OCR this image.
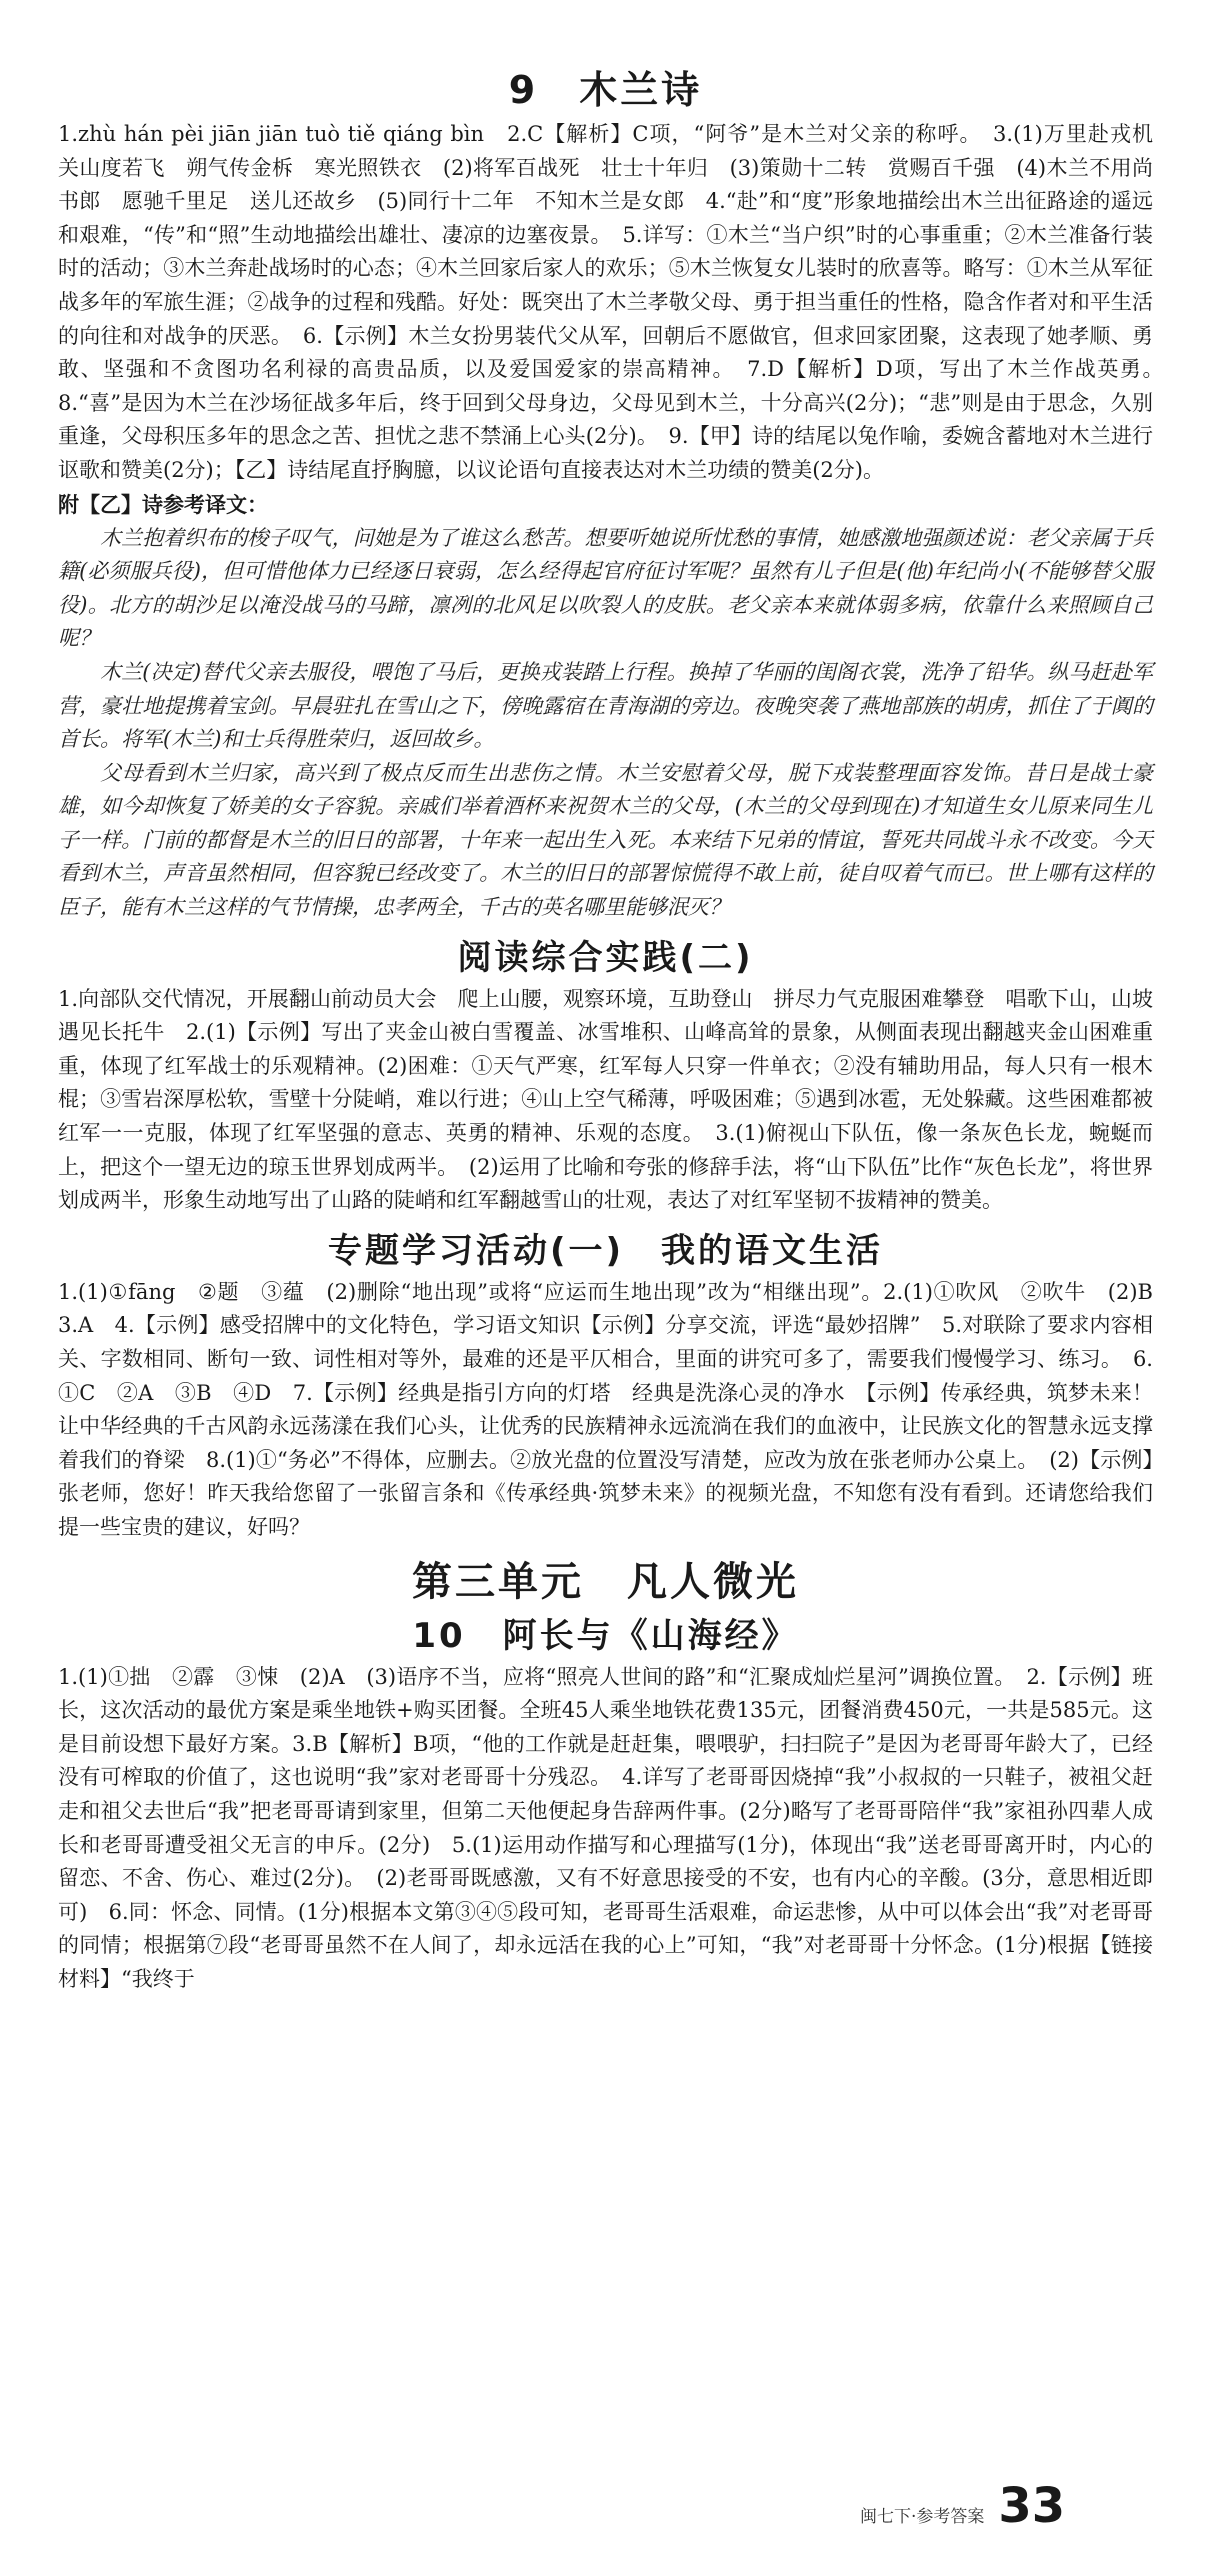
9　木兰诗

1.zhù hán pèi jiān jiān tuò tiě qiáng bìn　2.C【解析】C项，“阿爷”是木兰对父亲的称呼。　3.(1)万里赴戎机　关山度若飞　朔气传金柝　寒光照铁衣　(2)将军百战死　壮士十年归　(3)策勋十二转　赏赐百千强　(4)木兰不用尚书郎　愿驰千里足　送儿还故乡　(5)同行十二年　不知木兰是女郎　4.“赴”和“度”形象地描绘出木兰出征路途的遥远和艰难，“传”和“照”生动地描绘出雄壮、凄凉的边塞夜景。　5.详写：①木兰“当户织”时的心事重重；②木兰准备行装时的活动；③木兰奔赴战场时的心态；④木兰回家后家人的欢乐；⑤木兰恢复女儿装时的欣喜等。略写：①木兰从军征战多年的军旅生涯；②战争的过程和残酷。好处：既突出了木兰孝敬父母、勇于担当重任的性格，隐含作者对和平生活的向往和对战争的厌恶。　6.【示例】木兰女扮男装代父从军，回朝后不愿做官，但求回家团聚，这表现了她孝顺、勇敢、坚强和不贪图功名利禄的高贵品质，以及爱国爱家的崇高精神。　7.D【解析】D项，写出了木兰作战英勇。　8.“喜”是因为木兰在沙场征战多年后，终于回到父母身边，父母见到木兰，十分高兴(2分)；“悲”则是由于思念，久别重逢，父母积压多年的思念之苦、担忧之悲不禁涌上心头(2分)。　9.【甲】诗的结尾以兔作喻，委婉含蓄地对木兰进行讴歌和赞美(2分)；【乙】诗结尾直抒胸臆，以议论语句直接表达对木兰功绩的赞美(2分)。

附【乙】诗参考译文：

木兰抱着织布的梭子叹气，问她是为了谁这么愁苦。想要听她说所忧愁的事情，她感激地强颜述说：老父亲属于兵籍(必须服兵役)，但可惜他体力已经逐日衰弱，怎么经得起官府征讨军呢？虽然有儿子但是(他)年纪尚小(不能够替父服役)。北方的胡沙足以淹没战马的马蹄，凛冽的北风足以吹裂人的皮肤。老父亲本来就体弱多病，依靠什么来照顾自己呢？

木兰(决定)替代父亲去服役，喂饱了马后，更换戎装踏上行程。换掉了华丽的闺阁衣裳，洗净了铅华。纵马赶赴军营，豪壮地提携着宝剑。早晨驻扎在雪山之下，傍晚露宿在青海湖的旁边。夜晚突袭了燕地部族的胡虏，抓住了于阗的首长。将军(木兰)和士兵得胜荣归，返回故乡。

父母看到木兰归家，高兴到了极点反而生出悲伤之情。木兰安慰着父母，脱下戎装整理面容发饰。昔日是战士豪雄，如今却恢复了娇美的女子容貌。亲戚们举着酒杯来祝贺木兰的父母，(木兰的父母到现在)才知道生女儿原来同生儿子一样。门前的都督是木兰的旧日的部署，十年来一起出生入死。本来结下兄弟的情谊，誓死共同战斗永不改变。今天看到木兰，声音虽然相同，但容貌已经改变了。木兰的旧日的部署惊慌得不敢上前，徒自叹着气而已。世上哪有这样的臣子，能有木兰这样的气节情操，忠孝两全，千古的英名哪里能够泯灭？

阅读综合实践(二)

1.向部队交代情况，开展翻山前动员大会　爬上山腰，观察环境，互助登山　拼尽力气克服困难攀登　唱歌下山，山坡遇见长托牛　2.(1)【示例】写出了夹金山被白雪覆盖、冰雪堆积、山峰高耸的景象，从侧面表现出翻越夹金山困难重重，体现了红军战士的乐观精神。(2)困难：①天气严寒，红军每人只穿一件单衣；②没有辅助用品，每人只有一根木棍；③雪岩深厚松软，雪壁十分陡峭，难以行进；④山上空气稀薄，呼吸困难；⑤遇到冰雹，无处躲藏。这些困难都被红军一一克服，体现了红军坚强的意志、英勇的精神、乐观的态度。　3.(1)俯视山下队伍，像一条灰色长龙，蜿蜒而上，把这个一望无边的琼玉世界划成两半。　(2)运用了比喻和夸张的修辞手法，将“山下队伍”比作“灰色长龙”，将世界划成两半，形象生动地写出了山路的陡峭和红军翻越雪山的壮观，表达了对红军坚韧不拔精神的赞美。

专题学习活动(一)　我的语文生活

1.(1)①fāng　②题　③蕴　(2)删除“地出现”或将“应运而生地出现”改为“相继出现”。2.(1)①吹风　②吹牛　(2)B　3.A　4.【示例】感受招牌中的文化特色，学习语文知识【示例】分享交流，评选“最妙招牌”　5.对联除了要求内容相关、字数相同、断句一致、词性相对等外，最难的还是平仄相合，里面的讲究可多了，需要我们慢慢学习、练习。　6.①C　②A　③B　④D　7.【示例】经典是指引方向的灯塔　经典是洗涤心灵的净水　【示例】传承经典，筑梦未来！让中华经典的千古风韵永远荡漾在我们心头，让优秀的民族精神永远流淌在我们的血液中，让民族文化的智慧永远支撑着我们的脊梁　8.(1)①“务必”不得体，应删去。②放光盘的位置没写清楚，应改为放在张老师办公桌上。　(2)【示例】张老师，您好！昨天我给您留了一张留言条和《传承经典·筑梦未来》的视频光盘，不知您有没有看到。还请您给我们提一些宝贵的建议，好吗？

第三单元　凡人微光
10　阿长与《山海经》

1.(1)①拙　②霹　③悚　(2)A　(3)语序不当，应将“照亮人世间的路”和“汇聚成灿烂星河”调换位置。　2.【示例】班长，这次活动的最优方案是乘坐地铁+购买团餐。全班45人乘坐地铁花费135元，团餐消费450元，一共是585元。这是目前设想下最好方案。3.B【解析】B项，“他的工作就是赶赶集，喂喂驴，扫扫院子”是因为老哥哥年龄大了，已经没有可榨取的价值了，这也说明“我”家对老哥哥十分残忍。　4.详写了老哥哥因烧掉“我”小叔叔的一只鞋子，被祖父赶走和祖父去世后“我”把老哥哥请到家里，但第二天他便起身告辞两件事。(2分)略写了老哥哥陪伴“我”家祖孙四辈人成长和老哥哥遭受祖父无言的申斥。(2分)　5.(1)运用动作描写和心理描写(1分)，体现出“我”送老哥哥离开时，内心的留恋、不舍、伤心、难过(2分)。　(2)老哥哥既感激，又有不好意思接受的不安，也有内心的辛酸。(3分，意思相近即可)　6.同：怀念、同情。(1分)根据本文第③④⑤段可知，老哥哥生活艰难，命运悲惨，从中可以体会出“我”对老哥哥的同情；根据第⑦段“老哥哥虽然不在人间了，却永远活在我的心上”可知，“我”对老哥哥十分怀念。(1分)根据【链接材料】“我终于

闽七下·参考答案 33
